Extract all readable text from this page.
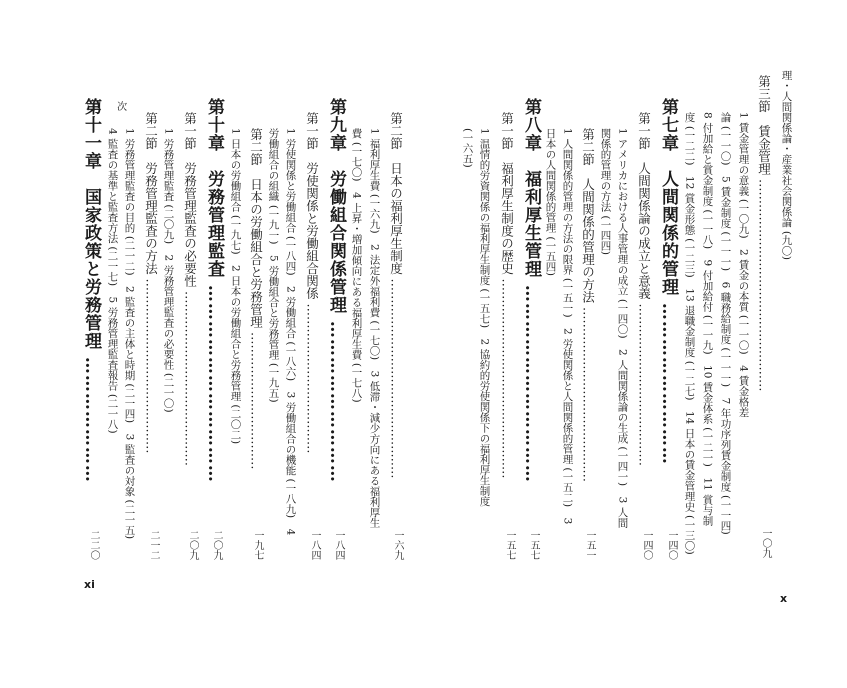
目 次	理・人間関係論・産業社会関係論 (九〇)
第三節　賃金管理 ……………………………………………
一〇九
1 賃金管理の意義 (一〇九)　2 賃金の本質 (一一〇)　4 賃金格差
論 (一一〇)　5 賃金制度 (一一一)　6 職務給制度 (一一一)　7 年功序列賃金制度 (一一四)
8 付加給と賞金制度 (一一八)　9 付加給付 (一一九)　10 賃金体系 (一二一)　11 賞与制
度 (一二二)　12 賞金形態 (一二三)　13 退職金制度 (一二七)　14 日本の賃金管理史 (一三〇)
第七章　人間関係的管理 ………………………
一四〇
第一節　人間関係論の成立と意義 …………………………………
一四〇
1 アメリカにおける人事管理の成立 (一四〇)　2 人間関係論の生成 (一四一)　3 人間
関係的管理の方法 (一四四)
第二節　人間関係的管理の方法 ……………………………………
一五一
1 人間関係的管理の方法の限界 (一五一)　2 労使関係と人間関係的管理 (一五二)　3
日本の人間関係的管理 (一五四)
第八章　福利厚生管理 ……………………………
一五七
第一節　福利厚生制度の歴史 …………………………………………
一五七
1 温情的労資関係の福利厚生制度 (一五七)　2 協約的労使関係下の福利厚生制度
(一六五)
第二節　日本の福利厚生制度 …………………………………………
一六九
1 福利厚生費 (一六九)　2 法定外福利費 (一七〇)　3 低滞・減少方向にある福利厚生
費 (一七〇)　4 上昇・増加傾向にある福利厚生費 (一七八)
第九章　労働組合関係管理 ………………………
一八四
第一節　労使関係と労働組合関係 ………………………………
一八四
1 労使関係と労働組合 (一八四)　2 労働組合 (一八六)　3 労働組合の機能 (一八九)　4
労働組合の組織 (一九一)　5 労働組合と労務管理 (一九五)
第二節　日本の労働組合と労務管理 ……………………………
一九七
1 日本の労働組合 (一九七)　2 日本の労働組合と労務管理 (二〇二)
第十章　労務管理監査 ……………………………
二〇九
第一節　労務管理監査の必要性 ……………………………………
二〇九
1 労務管理監査 (二〇九)　2 労務管理監査の必要性 (二一〇)
第二節　労務管理監査の方法 ……………………………………
二一二
1 労務管理監査の目的 (二一二)　2 監査の主体と時期 (二一四)　3 監査の対象 (二一五)
4 監査の基準と監査方法 (二一七)　5 労務管理監査報告 (二一八)
第十一章　国家政策と労務管理 …………………
二二〇
xi
x
